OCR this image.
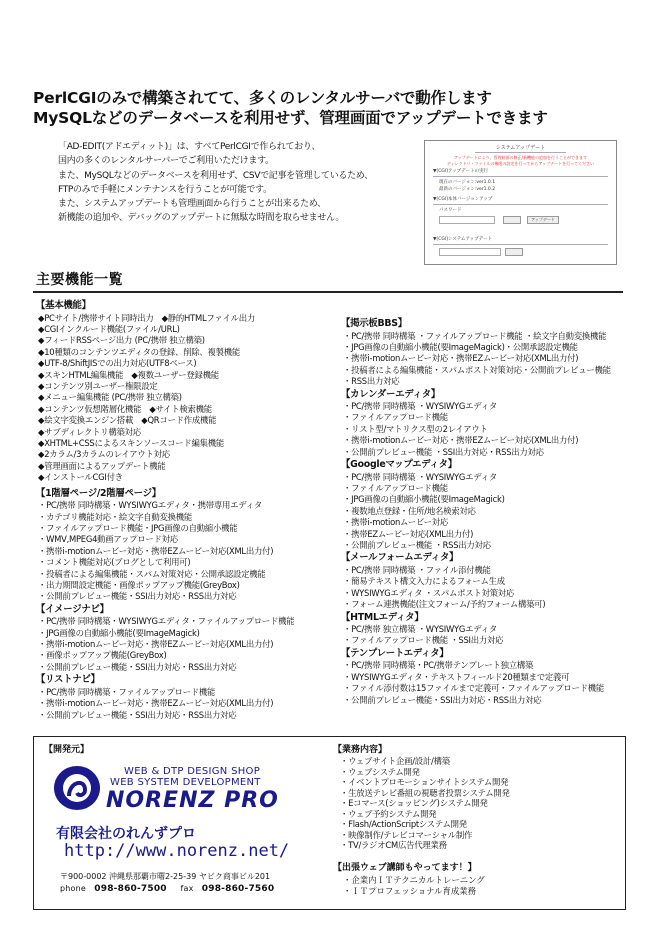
PerlCGIのみで構築されてて、多くのレンタルサーバで動作します
MySQLなどのデータベースを利用せず、管理画面でアップデートできます

「AD-EDIT(アドエディット)」は、すべてPerlCGIで作られており、

国内の多くのレンタルサーバーでご利用いただけます。

また、MySQLなどのデータベースを利用せず、CSVで記事を管理しているため、

FTPのみで手軽にメンテナンスを行うことが可能です。

また、システムアップデートも管理画面から行うことが出来るため、

新機能の追加や、デバッグのアップデートに無駄な時間を取らせません。

システムアップデート
アップデートにより、管理画面の修正/新機能の追加を行うことができます
ディレクトリ・ファイルの権限の設定を行ってからアップデートを行ってください
▼[CGI]アップデートの実行
現在のバージョン:ver1.0.1
最新のバージョン:ver1.0.2
▼[CGI]本体バージョンアップ
パスワード
アップデート
▼[CGI]システムアップデート
主要機能一覧
【基本機能】
◆PCサイト/携帯サイト同時出力　◆静的HTMLファイル出力
◆CGIインクルード機能(ファイル/URL)
◆フィードRSSページ出力 (PC/携帯 独立構築)
◆10種類のコンテンツエディタの登録、削除、複製機能
◆UTF-8/ShiftJISでの出力対応(UTF8ベース)
◆スキンHTML編集機能　◆複数ユーザー登録機能
◆コンテンツ別ユーザー権限設定
◆メニュー編集機能 (PC/携帯 独立構築)
◆コンテンツ仮想階層化機能　◆サイト検索機能
◆絵文字変換エンジン搭載　◆QRコード作成機能
◆サブディレクトリ構築対応
◆XHTML+CSSによるスキンソースコード編集機能
◆2カラム/3カラムのレイアウト対応
◆管理画面によるアップデート機能
◆インストールCGI付き
【1階層ページ/2階層ページ】
・PC/携帯 同時構築・WYSIWYGエディタ・携帯専用エディタ
・カテゴリ機能対応・絵文字自動変換機能
・ファイルアップロード機能・JPG画像の自動縮小機能
・WMV,MPEG4動画アップロード対応
・携帯i-motionムービー対応・携帯EZムービー対応(XML出力付)
・コメント機能対応(ブログとして利用可)
・投稿者による編集機能・スパム対策対応・公開承認設定機能
・出力期間設定機能・画像ポップアップ機能(GreyBox)
・公開前プレビュー機能・SSI出力対応・RSS出力対応
【イメージナビ】
・PC/携帯 同時構築・WYSIWYGエディタ・ファイルアップロード機能
・JPG画像の自動縮小機能(要ImageMagick)
・携帯i-motionムービー対応・携帯EZムービー対応(XML出力付)
・画像ポップアップ機能(GreyBox)
・公開前プレビュー機能・SSI出力対応・RSS出力対応
【リストナビ】
・PC/携帯 同時構築・ファイルアップロード機能
・携帯i-motionムービー対応・携帯EZムービー対応(XML出力付)
・公開前プレビュー機能・SSI出力対応・RSS出力対応
【掲示板BBS】
・PC/携帯 同時構築 ・ファイルアップロード機能 ・絵文字自動変換機能
・JPG画像の自動縮小機能(要ImageMagick)・公開承認設定機能
・携帯i-motionムービー対応・携帯EZムービー対応(XML出力付)
・投稿者による編集機能・スパムポスト対策対応・公開前プレビュー機能
・RSS出力対応
【カレンダーエディタ】
・PC/携帯 同時構築 ・WYSIWYGエディタ
・ファイルアップロード機能
・リスト型/マトリクス型の2レイアウト
・携帯i-motionムービー対応・携帯EZムービー対応(XML出力付)
・公開前プレビュー機能 ・SSI出力対応・RSS出力対応
【Googleマップエディタ】
・PC/携帯 同時構築 ・WYSIWYGエディタ
・ファイルアップロード機能
・JPG画像の自動縮小機能(要ImageMagick)
・複数地点登録・住所/地名検索対応
・携帯i-motionムービー対応
・携帯EZムービー対応(XML出力付)
・公開前プレビュー機能 ・RSS出力対応
【メールフォームエディタ】
・PC/携帯 同時構築 ・ファイル添付機能
・簡易テキスト構文入力によるフォーム生成
・WYSIWYGエディタ ・スパムポスト対策対応
・フォーム連携機能(注文フォーム/予約フォーム構築可)
【HTMLエディタ】
・PC/携帯 独立構築 ・WYSIWYGエディタ
・ファイルアップロード機能 ・SSI出力対応
【テンプレートエディタ】
・PC/携帯 同時構築・PC/携帯テンプレート独立構築
・WYSIWYGエディタ・テキストフィールド20種類まで定義可
・ファイル添付数は15ファイルまで定義可・ファイルアップロード機能
・公開前プレビュー機能・SSI出力対応・RSS出力対応
【開発元】	【業務内容】
WEB & DTP DESIGN SHOP
WEB SYSTEM DEVELOPMENT
NORENZ PRO
有限会社のれんずプロ
http://www.norenz.net/
〒900-0002 沖縄県那覇市曙2-25-39 ヤビク商事ビル201
phone 098-860-7500 fax 098-860-7560
・ウェブサイト企画/設計/構築
・ウェブシステム開発
・イベントプロモーションサイトシステム開発
・生放送テレビ番組の視聴者投票システム開発
・Eコマース(ショッピング)システム開発
・ウェブ予約システム開発
・Flash/ActionScriptシステム開発
・映像制作/テレビコマーシャル制作
・TV/ラジオCM広告代理業務
【出張ウェブ講師もやってます！】
・企業内ＩＴテクニカルトレーニング
・ＩＴプロフェッショナル育成業務
